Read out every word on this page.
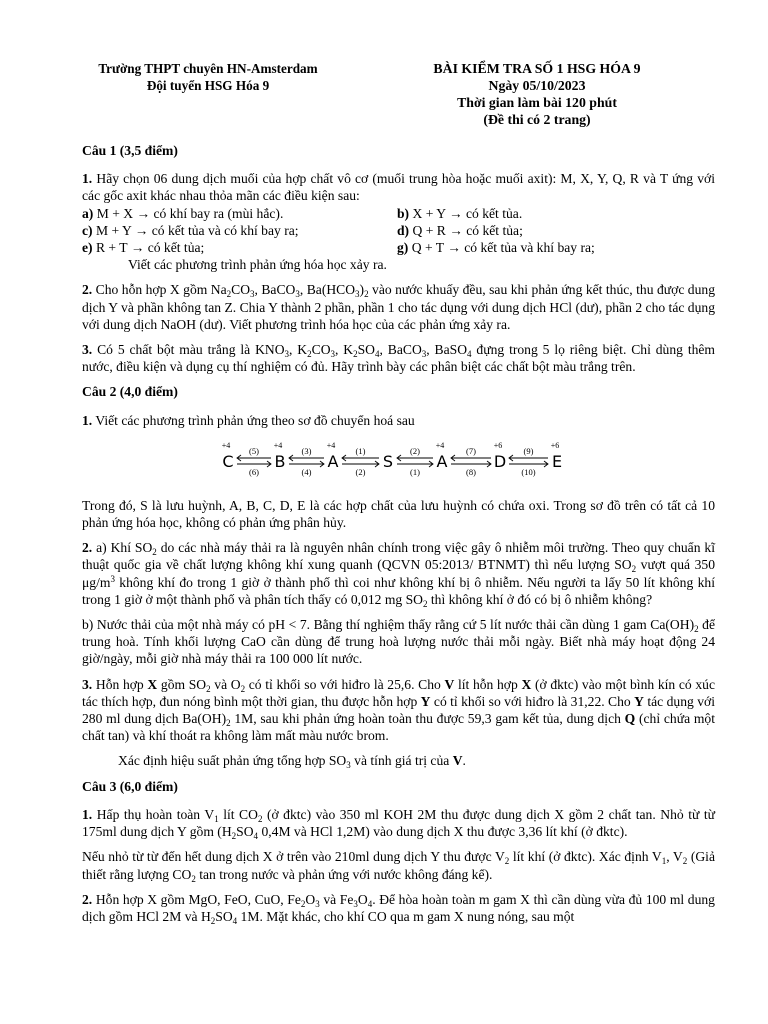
Trường THPT chuyên HN-Amsterdam
Đội tuyển HSG Hóa 9
BÀI KIỂM TRA SỐ 1 HSG HÓA 9
Ngày 05/10/2023
Thời gian làm bài 120 phút
(Đề thi có 2 trang)

Câu 1 (3,5 điểm)

1. Hãy chọn 06 dung dịch muối của hợp chất vô cơ (muối trung hòa hoặc muối axit): M, X, Y, Q, R và T ứng với các gốc axit khác nhau thỏa mãn các điều kiện sau:

a) M + X → có khí bay ra (mùi hắc).	b) X + Y → có kết tủa.
c) M + Y → có kết tủa và có khí bay ra;	d) Q + R → có kết tủa;
e) R + T → có kết tủa;	g) Q + T → có kết tủa và khí bay ra;

Viết các phương trình phản ứng hóa học xảy ra.

2. Cho hỗn hợp X gồm $Na_2CO_3$, BaCO$_3$, $Ba(HCO_3)_2$ vào nước khuấy đều, sau khi phản ứng kết thúc, thu được dung dịch Y và phần không tan Z. Chia Y thành 2 phần, phần 1 cho tác dụng với dung dịch HCl (dư), phần 2 cho tác dụng với dung dịch NaOH (dư). Viết phương trình hóa học của các phản ứng xảy ra.

3. Có 5 chất bột màu trắng là $KNO_3$, $K_2CO_3$, $K_2SO_4$, BaCO$_3$, BaSO$_4$ đựng trong 5 lọ riêng biệt. Chỉ dùng thêm nước, điều kiện và dụng cụ thí nghiệm có đủ. Hãy trình bày các phân biệt các chất bột màu trắng trên.

Câu 2 (4,0 điểm)

1. Viết các phương trình phản ứng theo sơ đồ chuyển hoá sau

C
+4
B
+4
A
+4
S	A
+4
D
+6
E
+6
(5)
(6)
(3)
(4)
(1)
(2)
(2)
(1)
(7)
(8)
(9)
(10)

Trong đó, S là lưu huỳnh, A, B, C, D, E là các hợp chất của lưu huỳnh có chứa oxi. Trong sơ đồ trên có tất cả 10 phản ứng hóa học, không có phản ứng phân hủy.

2. a) Khí $SO_2$ do các nhà máy thải ra là nguyên nhân chính trong việc gây ô nhiễm môi trường. Theo quy chuẩn kĩ thuật quốc gia về chất lượng không khí xung quanh (QCVN 05:2013/ BTNMT) thì nếu lượng $SO_2$ vượt quá 350 $\mu g/m^3$ không khí đo trong 1 giờ ở thành phố thì coi như không khí bị ô nhiễm. Nếu người ta lấy 50 lít không khí trong 1 giờ ở một thành phố và phân tích thấy có 0,012 mg $SO_2$ thì không khí ở đó có bị ô nhiễm không?

b) Nước thải của một nhà máy có pH < 7. Bằng thí nghiệm thấy rằng cứ 5 lít nước thải cần dùng 1 gam $Ca(OH)_2$ để trung hoà. Tính khối lượng CaO cần dùng để trung hoà lượng nước thải mỗi ngày. Biết nhà máy hoạt động 24 giờ/ngày, mỗi giờ nhà máy thải ra 100 000 lít nước.

3. Hỗn hợp X gồm $SO_2$ và $O_2$ có tỉ khối so với hiđro là 25,6. Cho V lít hỗn hợp X (ở đktc) vào một bình kín có xúc tác thích hợp, đun nóng bình một thời gian, thu được hỗn hợp Y có tỉ khối so với hiđro là 31,22. Cho Y tác dụng với 280 ml dung dịch $Ba(OH)_2$ 1M, sau khi phản ứng hoàn toàn thu được 59,3 gam kết tủa, dung dịch Q (chỉ chứa một chất tan) và khí thoát ra không làm mất màu nước brom.

Xác định hiệu suất phản ứng tổng hợp $SO_3$ và tính giá trị của V.

Câu 3 (6,0 điểm)

1. Hấp thụ hoàn toàn $V_1$ lít $CO_2$ (ở đktc) vào 350 ml KOH 2M thu được dung dịch X gồm 2 chất tan. Nhỏ từ từ 175ml dung dịch Y gồm ($H_2SO_4$ 0,4M và HCl 1,2M) vào dung dịch X thu được 3,36 lít khí (ở đktc).

Nếu nhỏ từ từ đến hết dung dịch X ở trên vào 210ml dung dịch Y thu được $V_2$ lít khí (ở đktc). Xác định $V_1$, $V_2$ (Giả thiết rằng lượng $CO_2$ tan trong nước và phản ứng với nước không đáng kể).

2. Hỗn hợp X gồm MgO, FeO, CuO, $Fe_2O_3$ và $Fe_3O_4$. Để hòa hoàn toàn m gam X thì cần dùng vừa đủ 100 ml dung dịch gồm HCl 2M và $H_2SO_4$ 1M. Mặt khác, cho khí CO qua m gam X nung nóng, sau một
